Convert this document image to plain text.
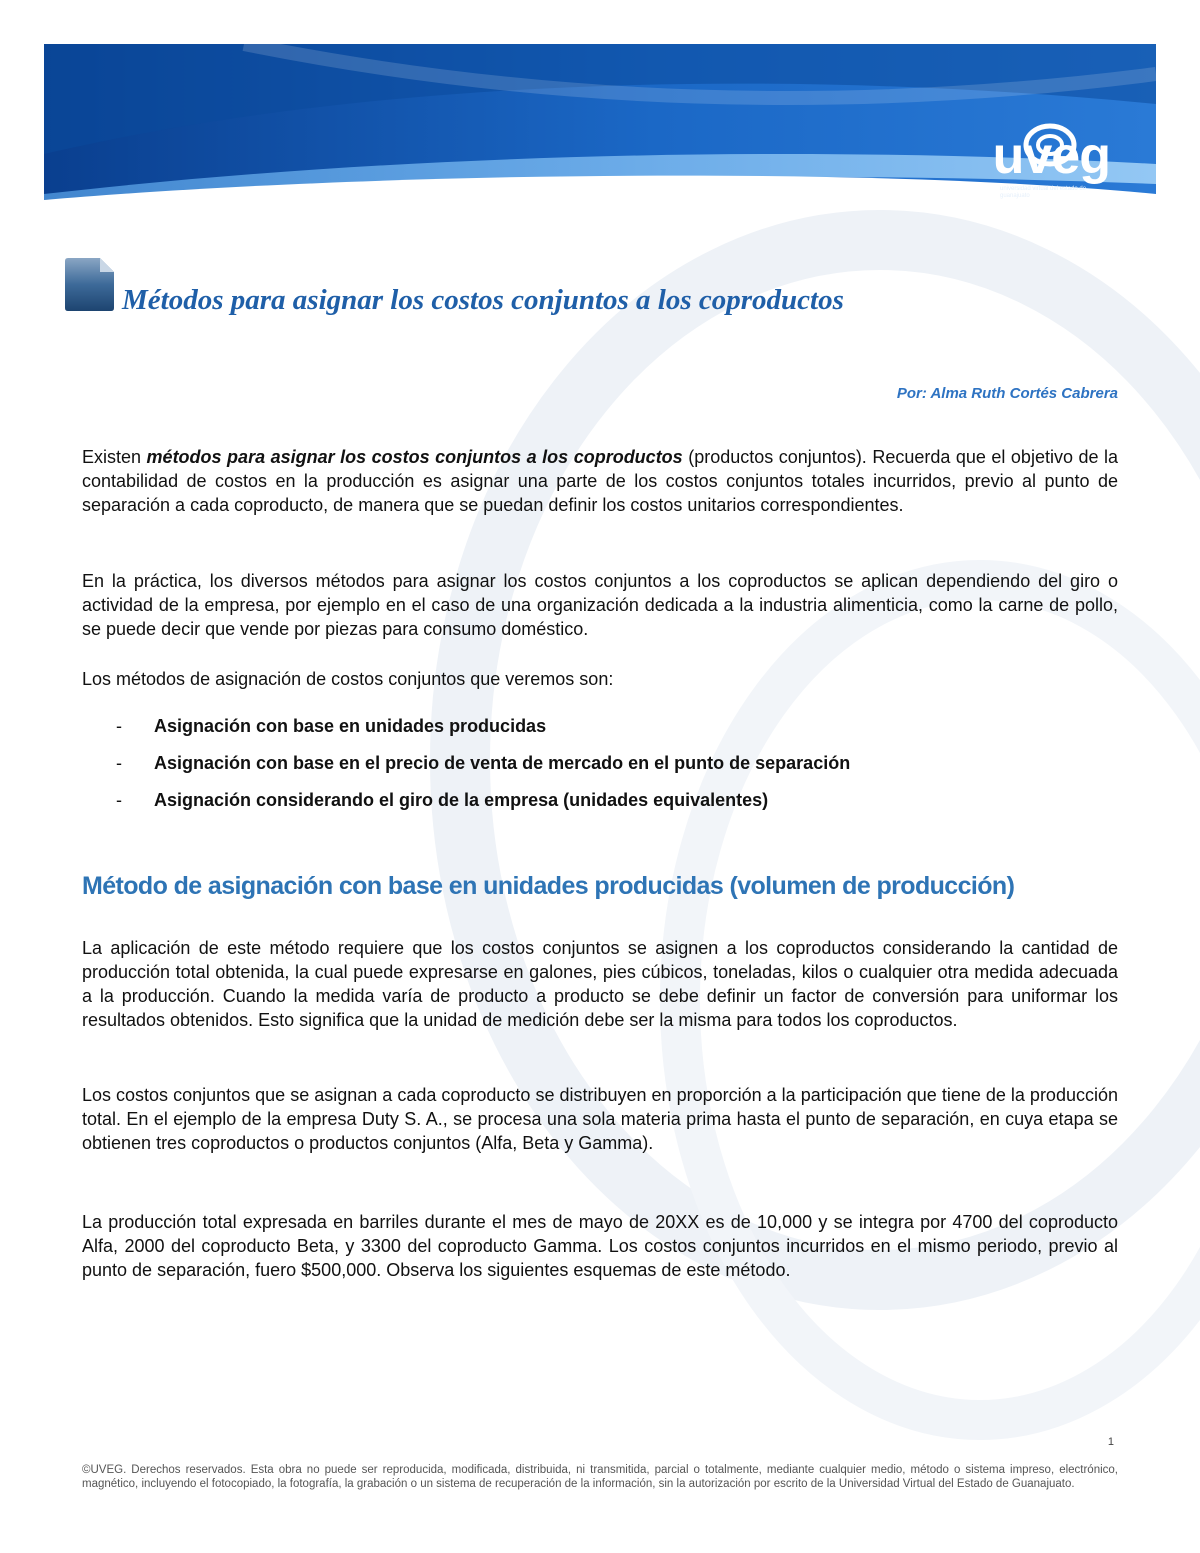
uveg
universidad virtual del estado de guanajuato
Métodos para asignar los costos conjuntos a los coproductos
Por: Alma Ruth Cortés Cabrera

Existen métodos para asignar los costos conjuntos a los coproductos (productos conjuntos). Recuerda que el objetivo de la contabilidad de costos en la producción es asignar una parte de los costos conjuntos totales incurridos, previo al punto de separación a cada coproducto, de manera que se puedan definir los costos unitarios correspondientes.

En la práctica, los diversos métodos para asignar los costos conjuntos a los coproductos se aplican dependiendo del giro o actividad de la empresa, por ejemplo en el caso de una organización dedicada a la industria alimenticia, como la carne de pollo, se puede decir que vende por piezas para consumo doméstico.

Los métodos de asignación de costos conjuntos que veremos son:

- Asignación con base en unidades producidas
- Asignación con base en el precio de venta de mercado en el punto de separación
- Asignación considerando el giro de la empresa (unidades equivalentes)
Método de asignación con base en unidades producidas (volumen de producción)

La aplicación de este método requiere que los costos conjuntos se asignen a los coproductos considerando la cantidad de producción total obtenida, la cual puede expresarse en galones, pies cúbicos, toneladas, kilos o cualquier otra medida adecuada a la producción. Cuando la medida varía de producto a producto se debe definir un factor de conversión para uniformar los resultados obtenidos. Esto significa que la unidad de medición debe ser la misma para todos los coproductos.

Los costos conjuntos que se asignan a cada coproducto se distribuyen en proporción a la participación que tiene de la producción total. En el ejemplo de la empresa Duty S. A., se procesa una sola materia prima hasta el punto de separación, en cuya etapa se obtienen tres coproductos o productos conjuntos (Alfa, Beta y Gamma).

La producción total expresada en barriles durante el mes de mayo de 20XX es de 10,000 y se integra por 4700 del coproducto Alfa, 2000 del coproducto Beta, y 3300 del coproducto Gamma. Los costos conjuntos incurridos en el mismo periodo, previo al punto de separación, fuero $500,000. Observa los siguientes esquemas de este método.

1
©UVEG. Derechos reservados. Esta obra no puede ser reproducida, modificada, distribuida, ni transmitida, parcial o totalmente, mediante cualquier medio, método o sistema impreso, electrónico, magnético, incluyendo el fotocopiado, la fotografía, la grabación o un sistema de recuperación de la información, sin la autorización por escrito de la Universidad Virtual del Estado de Guanajuato.
